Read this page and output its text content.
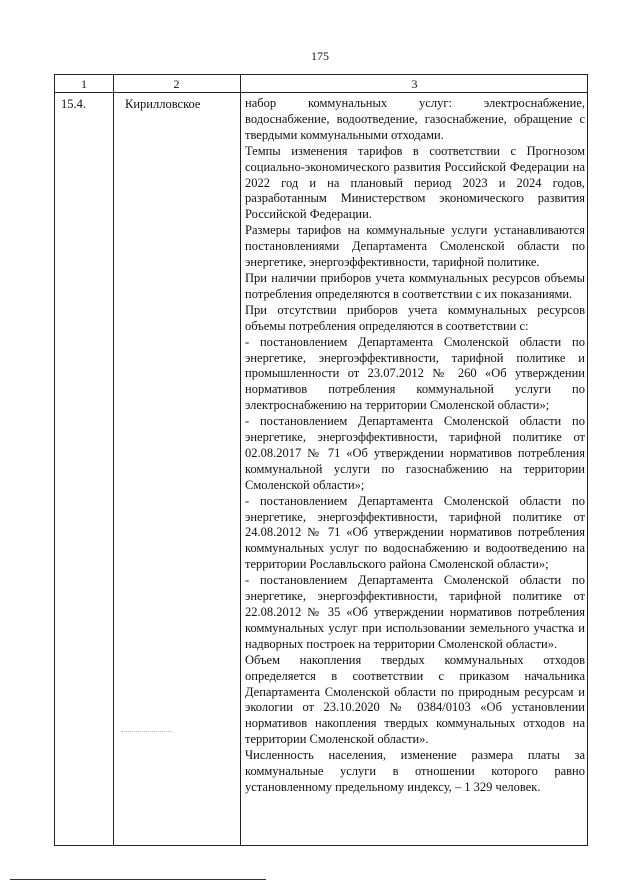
175
1	2	3
15.4.	Кирилловское	набор коммунальных услуг: электроснабжение, водоснабжение, водоотведение, газоснабжение, обращение с твердыми коммунальными отходами.

Темпы изменения тарифов в соответствии с Прогнозом социально-экономического развития Российской Федерации на 2022 год и на плановый период 2023 и 2024 годов, разработанным Министерством экономического развития Российской Федерации.

Размеры тарифов на коммунальные услуги устанавливаются постановлениями Департамента Смоленской области по энергетике, энергоэффективности, тарифной политике.

При наличии приборов учета коммунальных ресурсов объемы потребления определяются в соответствии с их показаниями.

При отсутствии приборов учета коммунальных ресурсов объемы потребления определяются в соответствии с:

- постановлением Департамента Смоленской области по энергетике, энергоэффективности, тарифной политике и промышленности от 23.07.2012 № 260 «Об утверждении нормативов потребления коммунальной услуги по электроснабжению на территории Смоленской области»;

- постановлением Департамента Смоленской области по энергетике, энергоэффективности, тарифной политике от 02.08.2017 № 71 «Об утверждении нормативов потребления коммунальной услуги по газоснабжению на территории Смоленской области»;

- постановлением Департамента Смоленской области по энергетике, энергоэффективности, тарифной политике от 24.08.2012 № 71 «Об утверждении нормативов потребления коммунальных услуг по водоснабжению и водоотведению на территории Рославльского района Смоленской области»;

- постановлением Департамента Смоленской области по энергетике, энергоэффективности, тарифной политике от 22.08.2012 № 35 «Об утверждении нормативов потребления коммунальных услуг при использовании земельного участка и надворных построек на территории Смоленской области».

Объем накопления твердых коммунальных отходов определяется в соответствии с приказом начальника Департамента Смоленской области по природным ресурсам и экологии от 23.10.2020 № 0384/0103 «Об установлении нормативов накопления твердых коммунальных отходов на территории Смоленской области».

Численность населения, изменение размера платы за коммунальные услуги в отношении которого равно установленному предельному индексу, – 1 329 человек.
